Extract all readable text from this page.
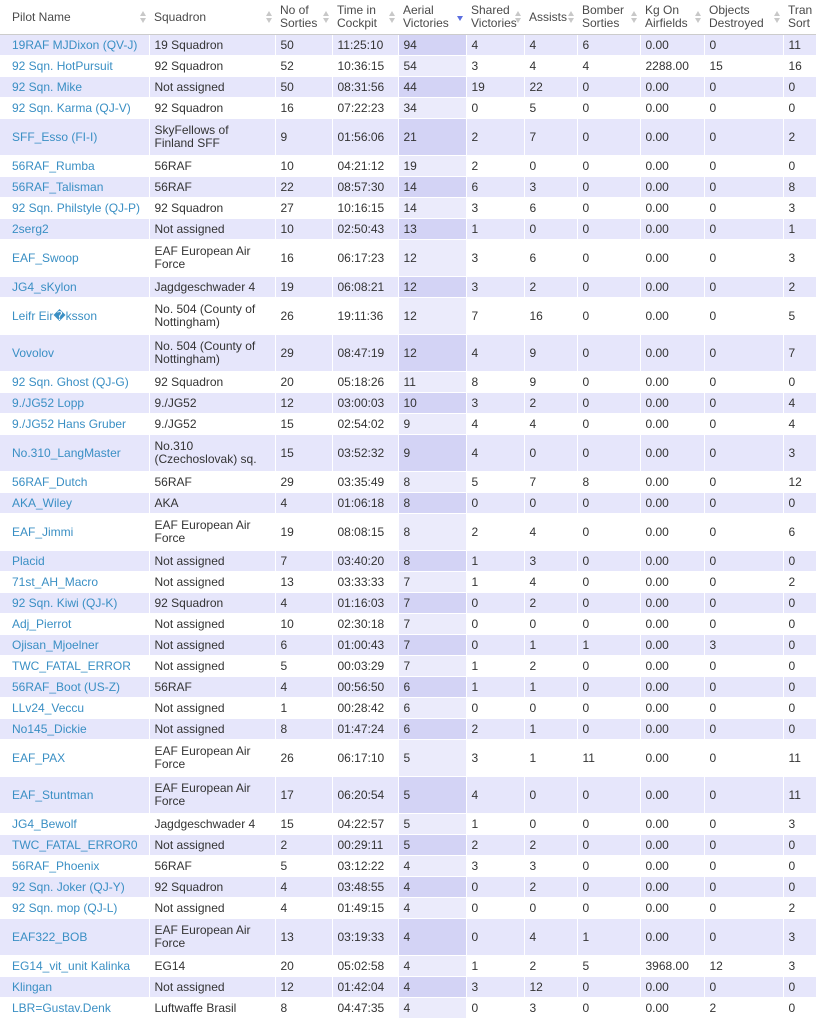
Pilot Name	Squadron	No of Sorties	Time in Cockpit	Aerial Victories	Shared Victories	Assists	Bomber Sorties	Kg On Airfields	Objects Destroyed	Tran Sort

19RAF MJDixon (QV-J)	19 Squadron	50	11:25:10	94	4	4	6	0.00	0	11
92 Sqn. HotPursuit	92 Squadron	52	10:36:15	54	3	4	4	2288.00	15	16
92 Sqn. Mike	Not assigned	50	08:31:56	44	19	22	0	0.00	0	0
92 Sqn. Karma (QJ-V)	92 Squadron	16	07:22:23	34	0	5	0	0.00	0	0
SFF_Esso (FI-I)	SkyFellows of Finland SFF	9	01:56:06	21	2	7	0	0.00	0	2
56RAF_Rumba	56RAF	10	04:21:12	19	2	0	0	0.00	0	0
56RAF_Talisman	56RAF	22	08:57:30	14	6	3	0	0.00	0	8
92 Sqn. Philstyle (QJ-P)	92 Squadron	27	10:16:15	14	3	6	0	0.00	0	3
2serg2	Not assigned	10	02:50:43	13	1	0	0	0.00	0	1
EAF_Swoop	EAF European Air Force	16	06:17:23	12	3	6	0	0.00	0	3
JG4_sKylon	Jagdgeschwader 4	19	06:08:21	12	3	2	0	0.00	0	2
Leifr Eir�ksson	No. 504 (County of Nottingham)	26	19:11:36	12	7	16	0	0.00	0	5
Vovolov	No. 504 (County of Nottingham)	29	08:47:19	12	4	9	0	0.00	0	7
92 Sqn. Ghost (QJ-G)	92 Squadron	20	05:18:26	11	8	9	0	0.00	0	0
9./JG52 Lopp	9./JG52	12	03:00:03	10	3	2	0	0.00	0	4
9./JG52 Hans Gruber	9./JG52	15	02:54:02	9	4	4	0	0.00	0	4
No.310_LangMaster	No.310 (Czechoslovak) sq.	15	03:52:32	9	4	0	0	0.00	0	3
56RAF_Dutch	56RAF	29	03:35:49	8	5	7	8	0.00	0	12
AKA_Wiley	AKA	4	01:06:18	8	0	0	0	0.00	0	0
EAF_Jimmi	EAF European Air Force	19	08:08:15	8	2	4	0	0.00	0	6
Placid	Not assigned	7	03:40:20	8	1	3	0	0.00	0	0
71st_AH_Macro	Not assigned	13	03:33:33	7	1	4	0	0.00	0	2
92 Sqn. Kiwi (QJ-K)	92 Squadron	4	01:16:03	7	0	2	0	0.00	0	0
Adj_Pierrot	Not assigned	10	02:30:18	7	0	0	0	0.00	0	0
Ojisan_Mjoelner	Not assigned	6	01:00:43	7	0	1	1	0.00	3	0
TWC_FATAL_ERROR	Not assigned	5	00:03:29	7	1	2	0	0.00	0	0
56RAF_Boot (US-Z)	56RAF	4	00:56:50	6	1	1	0	0.00	0	0
LLv24_Veccu	Not assigned	1	00:28:42	6	0	0	0	0.00	0	0
No145_Dickie	Not assigned	8	01:47:24	6	2	1	0	0.00	0	0
EAF_PAX	EAF European Air Force	26	06:17:10	5	3	1	11	0.00	0	11
EAF_Stuntman	EAF European Air Force	17	06:20:54	5	4	0	0	0.00	0	11
JG4_Bewolf	Jagdgeschwader 4	15	04:22:57	5	1	0	0	0.00	0	3
TWC_FATAL_ERROR0	Not assigned	2	00:29:11	5	2	2	0	0.00	0	0
56RAF_Phoenix	56RAF	5	03:12:22	4	3	3	0	0.00	0	0
92 Sqn. Joker (QJ-Y)	92 Squadron	4	03:48:55	4	0	2	0	0.00	0	0
92 Sqn. mop (QJ-L)	Not assigned	4	01:49:15	4	0	0	0	0.00	0	2
EAF322_BOB	EAF European Air Force	13	03:19:33	4	0	4	1	0.00	0	3
EG14_vit_unit Kalinka	EG14	20	05:02:58	4	1	2	5	3968.00	12	3
Klingan	Not assigned	12	01:42:04	4	3	12	0	0.00	0	0
LBR=Gustav.Denk	Luftwaffe Brasil	8	04:47:35	4	0	3	0	0.00	2	0
